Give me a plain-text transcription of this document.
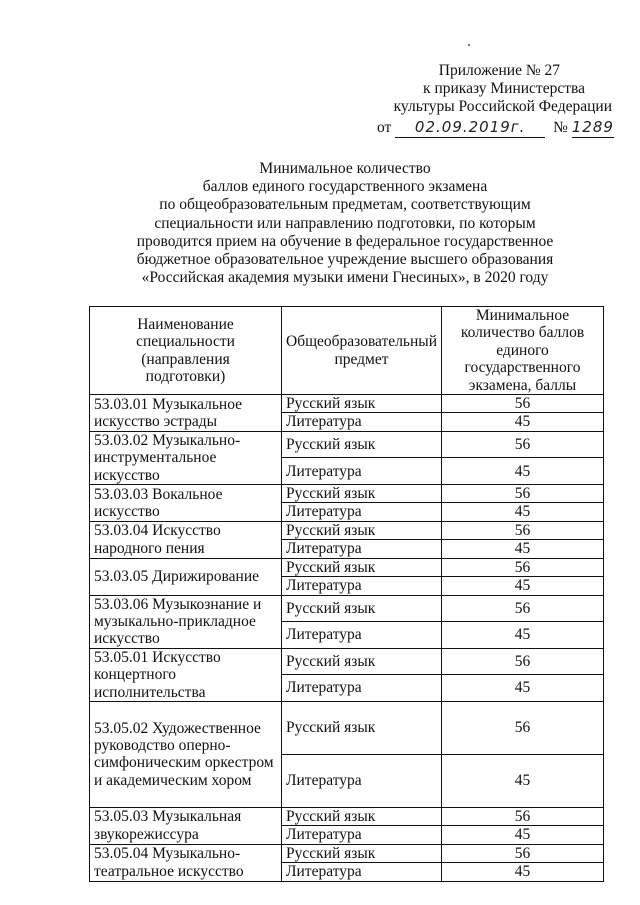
Приложение № 27
к приказу Министерства
культуры Российской Федерации
от 02.09.2019г. № 1289
Минимальное количество
баллов единого государственного экзамена
по общеобразовательным предметам, соответствующим
специальности или направлению подготовки, по которым
проводится прием на обучение в федеральное государственное
бюджетное образовательное учреждение высшего образования
«Российская академия музыки имени Гнесиных», в 2020 году
Наименование специальности (направления подготовки)	Общеобразовательный предмет	Минимальное количество баллов единого государственного экзамена, баллы
53.03.01 Музыкальное искусство эстрады	Русский язык	56
	Литература	45
53.03.02 Музыкально-инструментальное искусство	Русский язык	56
	Литература	45
53.03.03 Вокальное искусство	Русский язык	56
	Литература	45
53.03.04 Искусство народного пения	Русский язык	56
	Литература	45
53.03.05 Дирижирование	Русский язык	56
	Литература	45
53.03.06 Музыкознание и музыкально-прикладное искусство	Русский язык	56
	Литература	45
53.05.01 Искусство концертного исполнительства	Русский язык	56
	Литература	45
53.05.02 Художественное руководство оперно-симфоническим оркестром и академическим хором	Русский язык	56
	Литература	45
53.05.03 Музыкальная звукорежиссура	Русский язык	56
	Литература	45
53.05.04 Музыкально-театральное искусство	Русский язык	56
	Литература	45
